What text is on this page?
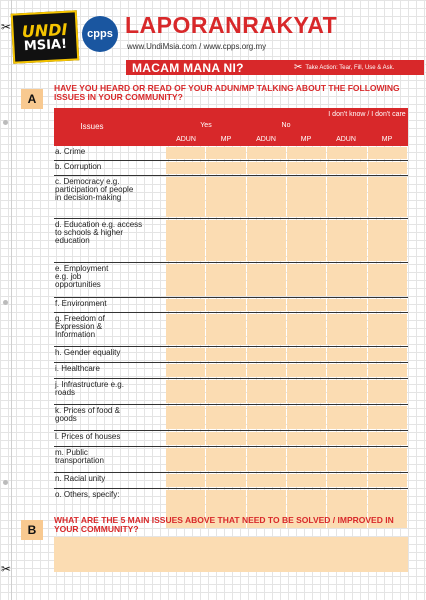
✂ UNDI
MSIA!
cpps LAPORANRAKYAT
www.UndiMsia.com / www.cpps.org.my
MACAM MANA NI?	✂ Take Action: Tear, Fill, Use & Ask.
A
HAVE YOU HEARD OR READ OF YOUR ADUN/MP TALKING ABOUT THE FOLLOWING ISSUES IN YOUR COMMUNITY?
Issues	Yes	No
I don't know / I don't care
ADUN	MP	ADUN	MP	ADUN	MP
a. Crime
b. Corruption
c. Democracy e.g. participation of people in decision-making
d. Education e.g. access to schools & higher education
e. Employment e.g. job opportunities
f. Environment
g. Freedom of Expression & Information
h. Gender equality
i. Healthcare
j. Infrastructure e.g. roads
k. Prices of food & goods
l. Prices of houses
m. Public transportation
n. Racial unity
o. Others, specify:
B
WHAT ARE THE 5 MAIN ISSUES ABOVE THAT NEED TO BE SOLVED / IMPROVED IN YOUR COMMUNITY?
✂
